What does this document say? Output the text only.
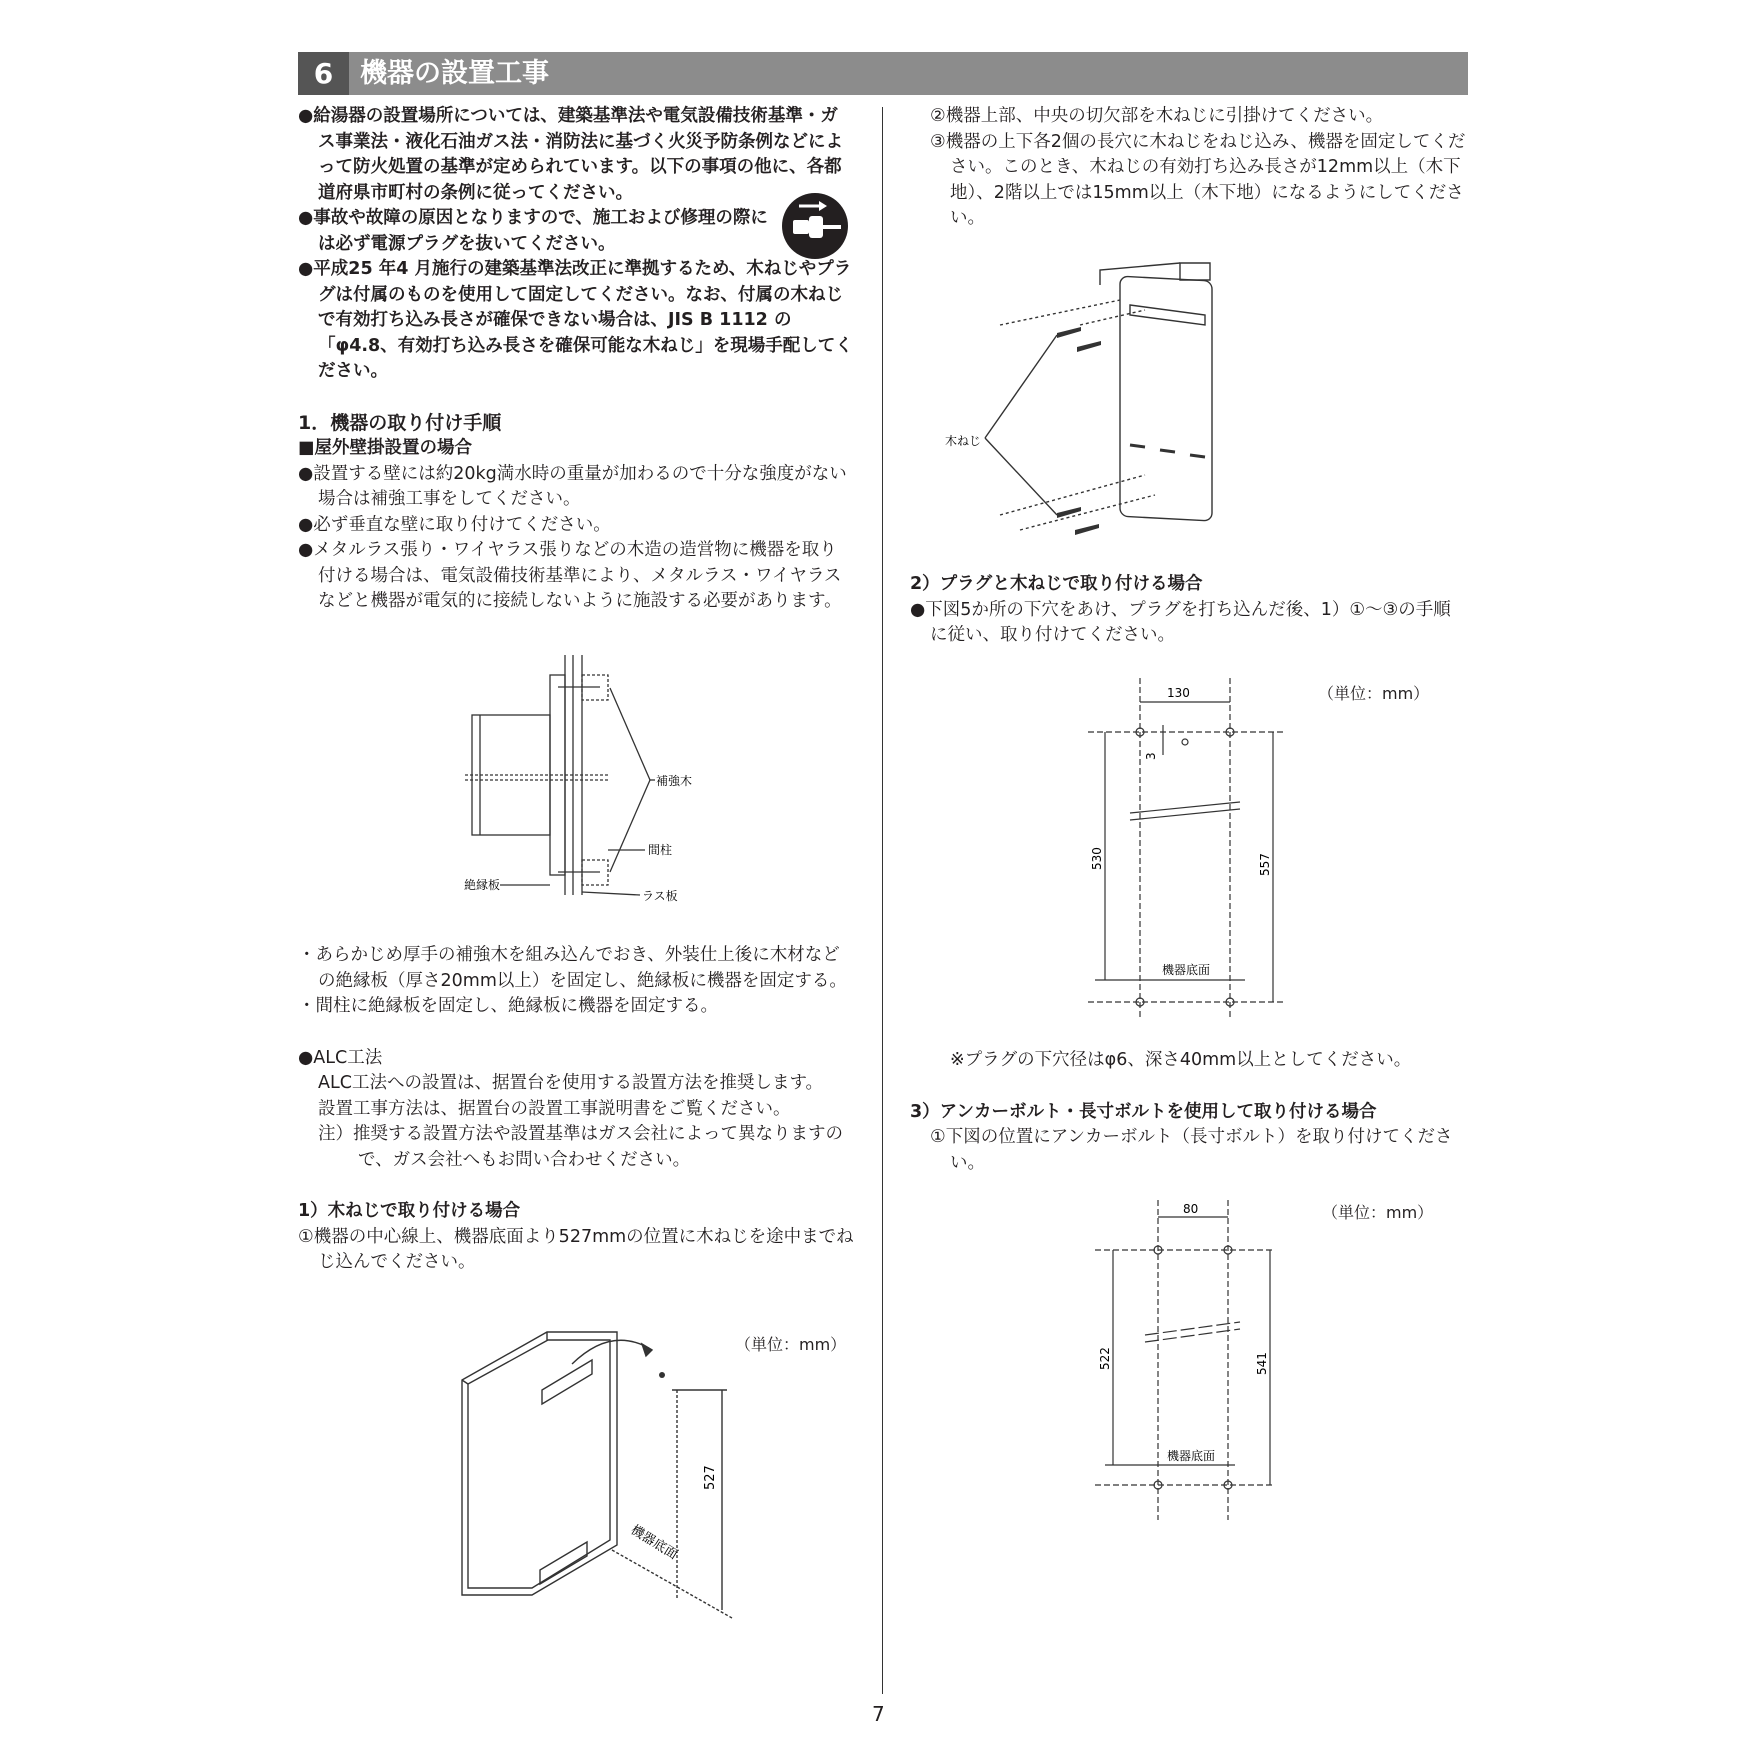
6 機器の設置工事

●給湯器の設置場所については、建築基準法や電気設備技術基準・ガス事業法・液化石油ガス法・消防法に基づく火災予防条例などによって防火処置の基準が定められています。以下の事項の他に、各都道府県市町村の条例に従ってください。

●事故や故障の原因となりますので、施工および修理の際には必ず電源プラグを抜いてください。

●平成25 年4 月施行の建築基準法改正に準拠するため、木ねじやプラグは付属のものを使用して固定してください。なお、付属の木ねじで有効打ち込み長さが確保できない場合は、JIS B 1112 の「φ4.8、有効打ち込み長さを確保可能な木ねじ」を現場手配してください。

1．機器の取り付け手順

■屋外壁掛設置の場合

●設置する壁には約20kg満水時の重量が加わるので十分な強度がない場合は補強工事をしてください。

●必ず垂直な壁に取り付けてください。

●メタルラス張り・ワイヤラス張りなどの木造の造営物に機器を取り付ける場合は、電気設備技術基準により、メタルラス・ワイヤラスなどと機器が電気的に接続しないように施設する必要があります。

補強木
間柱
絶縁板
ラス板

・あらかじめ厚手の補強木を組み込んでおき、外装仕上後に木材などの絶縁板（厚さ20mm以上）を固定し、絶縁板に機器を固定する。

・間柱に絶縁板を固定し、絶縁板に機器を固定する。

●ALC工法

ALC工法への設置は、据置台を使用する設置方法を推奨します。

設置工事方法は、据置台の設置工事説明書をご覧ください。

注）推奨する設置方法や設置基準はガス会社によって異なりますので、ガス会社へもお問い合わせください。

1）木ねじで取り付ける場合

①機器の中心線上、機器底面より527mmの位置に木ねじを途中までねじ込んでください。

（単位：mm）
527
機器底面

②機器上部、中央の切欠部を木ねじに引掛けてください。

③機器の上下各2個の長穴に木ねじをねじ込み、機器を固定してください。このとき、木ねじの有効打ち込み長さが12mm以上（木下地）、2階以上では15mm以上（木下地）になるようにしてください。

木ねじ

2）プラグと木ねじで取り付ける場合

●下図5か所の下穴をあけ、プラグを打ち込んだ後、1）①～③の手順に従い、取り付けてください。

（単位：mm）
130
3
530	557
機器底面

※プラグの下穴径はφ6、深さ40mm以上としてください。

3）アンカーボルト・長寸ボルトを使用して取り付ける場合

①下図の位置にアンカーボルト（長寸ボルト）を取り付けてください。

（単位：mm）
80
522	541
機器底面
7
